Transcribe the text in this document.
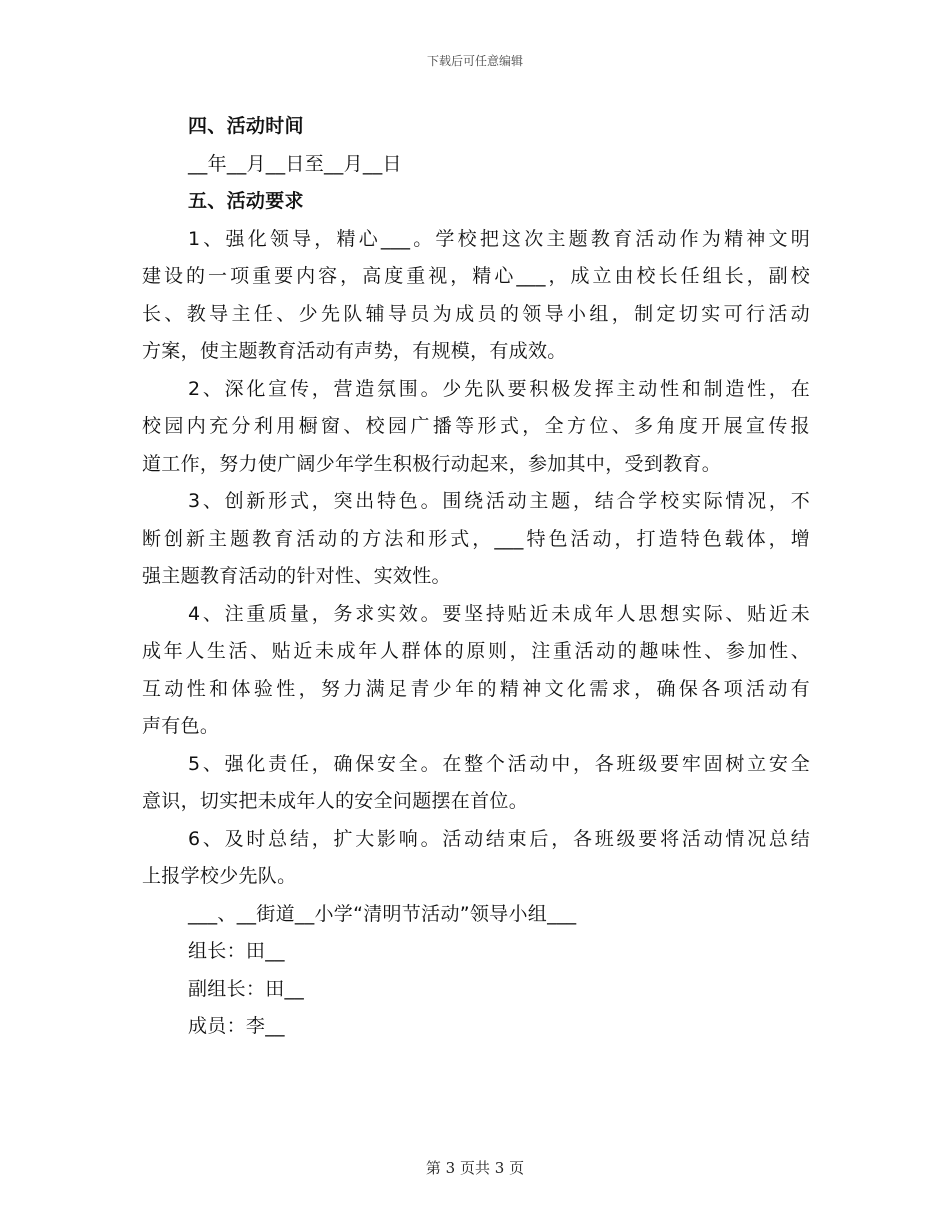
下载后可任意编辑
四、活动时间
__年__月__日至__月__日
五、活动要求
1、强化领导，精心___。学校把这次主题教育活动作为精神文明
建设的一项重要内容，高度重视，精心___，成立由校长任组长，副校
长、教导主任、少先队辅导员为成员的领导小组，制定切实可行活动
方案，使主题教育活动有声势，有规模，有成效。
2、深化宣传，营造氛围。少先队要积极发挥主动性和制造性，在
校园内充分利用橱窗、校园广播等形式，全方位、多角度开展宣传报
道工作，努力使广阔少年学生积极行动起来，参加其中，受到教育。
3、创新形式，突出特色。围绕活动主题，结合学校实际情况，不
断创新主题教育活动的方法和形式，___特色活动，打造特色载体，增
强主题教育活动的针对性、实效性。
4、注重质量，务求实效。要坚持贴近未成年人思想实际、贴近未
成年人生活、贴近未成年人群体的原则，注重活动的趣味性、参加性、
互动性和体验性，努力满足青少年的精神文化需求，确保各项活动有
声有色。
5、强化责任，确保安全。在整个活动中，各班级要牢固树立安全
意识，切实把未成年人的安全问题摆在首位。
6、及时总结，扩大影响。活动结束后，各班级要将活动情况总结
上报学校少先队。
___、__街道__小学“清明节活动”领导小组___
组长：田__
副组长：田__
成员：李__
第 3 页共 3 页
